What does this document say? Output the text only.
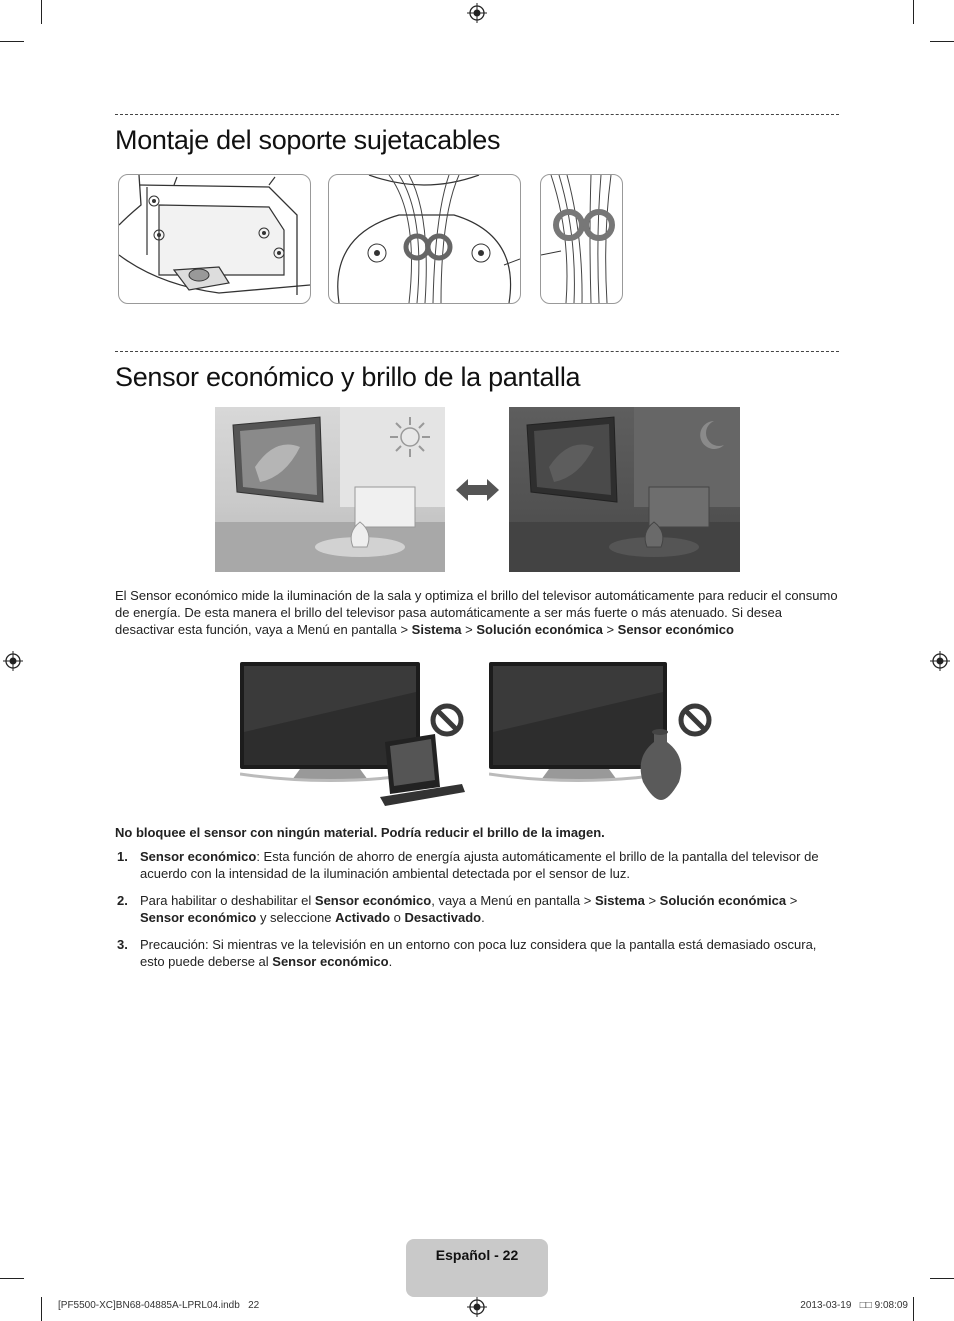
Montaje del soporte sujetacables
Sensor económico y brillo de la pantalla
El Sensor económico mide la iluminación de la sala y optimiza el brillo del televisor automáticamente para reducir el consumo de energía. De esta manera el brillo del televisor pasa automáticamente a ser más fuerte o más atenuado. Si desea desactivar esta función, vaya a Menú en pantalla > Sistema > Solución económica > Sensor económico
No bloquee el sensor con ningún material. Podría reducir el brillo de la imagen.
1. Sensor económico: Esta función de ahorro de energía ajusta automáticamente el brillo de la pantalla del televisor de acuerdo con la intensidad de la iluminación ambiental detectada por el sensor de luz.
2. Para habilitar o deshabilitar el Sensor económico, vaya a Menú en pantalla > Sistema > Solución económica > Sensor económico y seleccione Activado o Desactivado.
3. Precaución: Si mientras ve la televisión en un entorno con poca luz considera que la pantalla está demasiado oscura, esto puede deberse al Sensor económico.
Español - 22
[PF5500-XC]BN68-04885A-LPRL04.indb   22	2013-03-19   □□ 9:08:09
